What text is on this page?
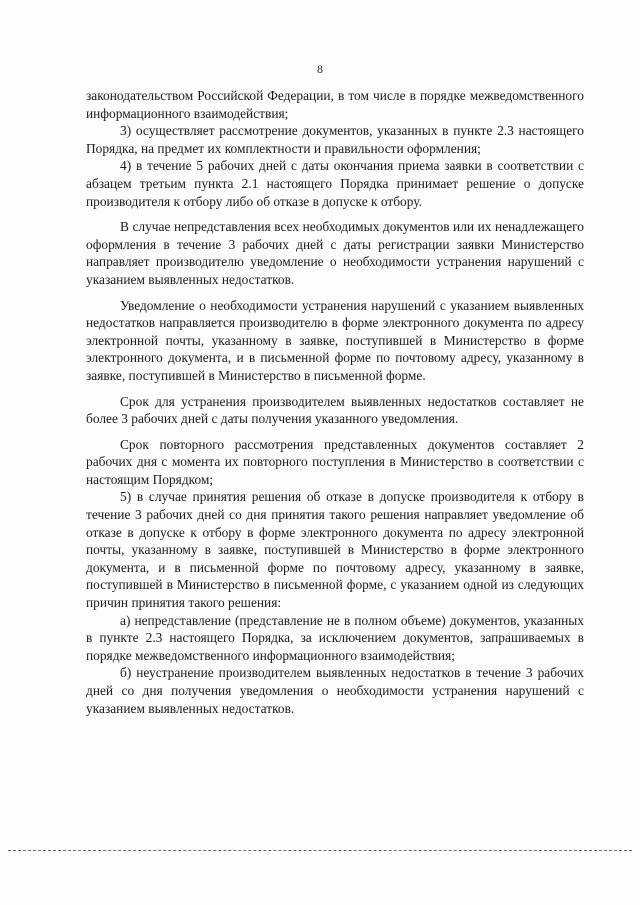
8

законодательством Российской Федерации, в том числе в порядке межведомственного информационного взаимодействия;

3) осуществляет рассмотрение документов, указанных в пункте 2.3 настоящего Порядка, на предмет их комплектности и правильности оформления;

4) в течение 5 рабочих дней с даты окончания приема заявки в соответствии с абзацем третьим пункта 2.1 настоящего Порядка принимает решение о допуске производителя к отбору либо об отказе в допуске к отбору.

В случае непредставления всех необходимых документов или их ненадлежащего оформления в течение 3 рабочих дней с даты регистрации заявки Министерство направляет производителю уведомление о необходимости устранения нарушений с указанием выявленных недостатков.

Уведомление о необходимости устранения нарушений с указанием выявленных недостатков направляется производителю в форме электронного документа по адресу электронной почты, указанному в заявке, поступившей в Министерство в форме электронного документа, и в письменной форме по почтовому адресу, указанному в заявке, поступившей в Министерство в письменной форме.

Срок для устранения производителем выявленных недостатков составляет не более 3 рабочих дней с даты получения указанного уведомления.

Срок повторного рассмотрения представленных документов составляет 2 рабочих дня с момента их повторного поступления в Министерство в соответствии с настоящим Порядком;

5) в случае принятия решения об отказе в допуске производителя к отбору в течение 3 рабочих дней со дня принятия такого решения направляет уведомление об отказе в допуске к отбору в форме электронного документа по адресу электронной почты, указанному в заявке, поступившей в Министерство в форме электронного документа, и в письменной форме по почтовому адресу, указанному в заявке, поступившей в Министерство в письменной форме, с указанием одной из следующих причин принятия такого решения:

а) непредставление (представление не в полном объеме) документов, указанных в пункте 2.3 настоящего Порядка, за исключением документов, запрашиваемых в порядке межведомственного информационного взаимодействия;

б) неустранение производителем выявленных недостатков в течение 3 рабочих дней со дня получения уведомления о необходимости устранения нарушений с указанием выявленных недостатков.
